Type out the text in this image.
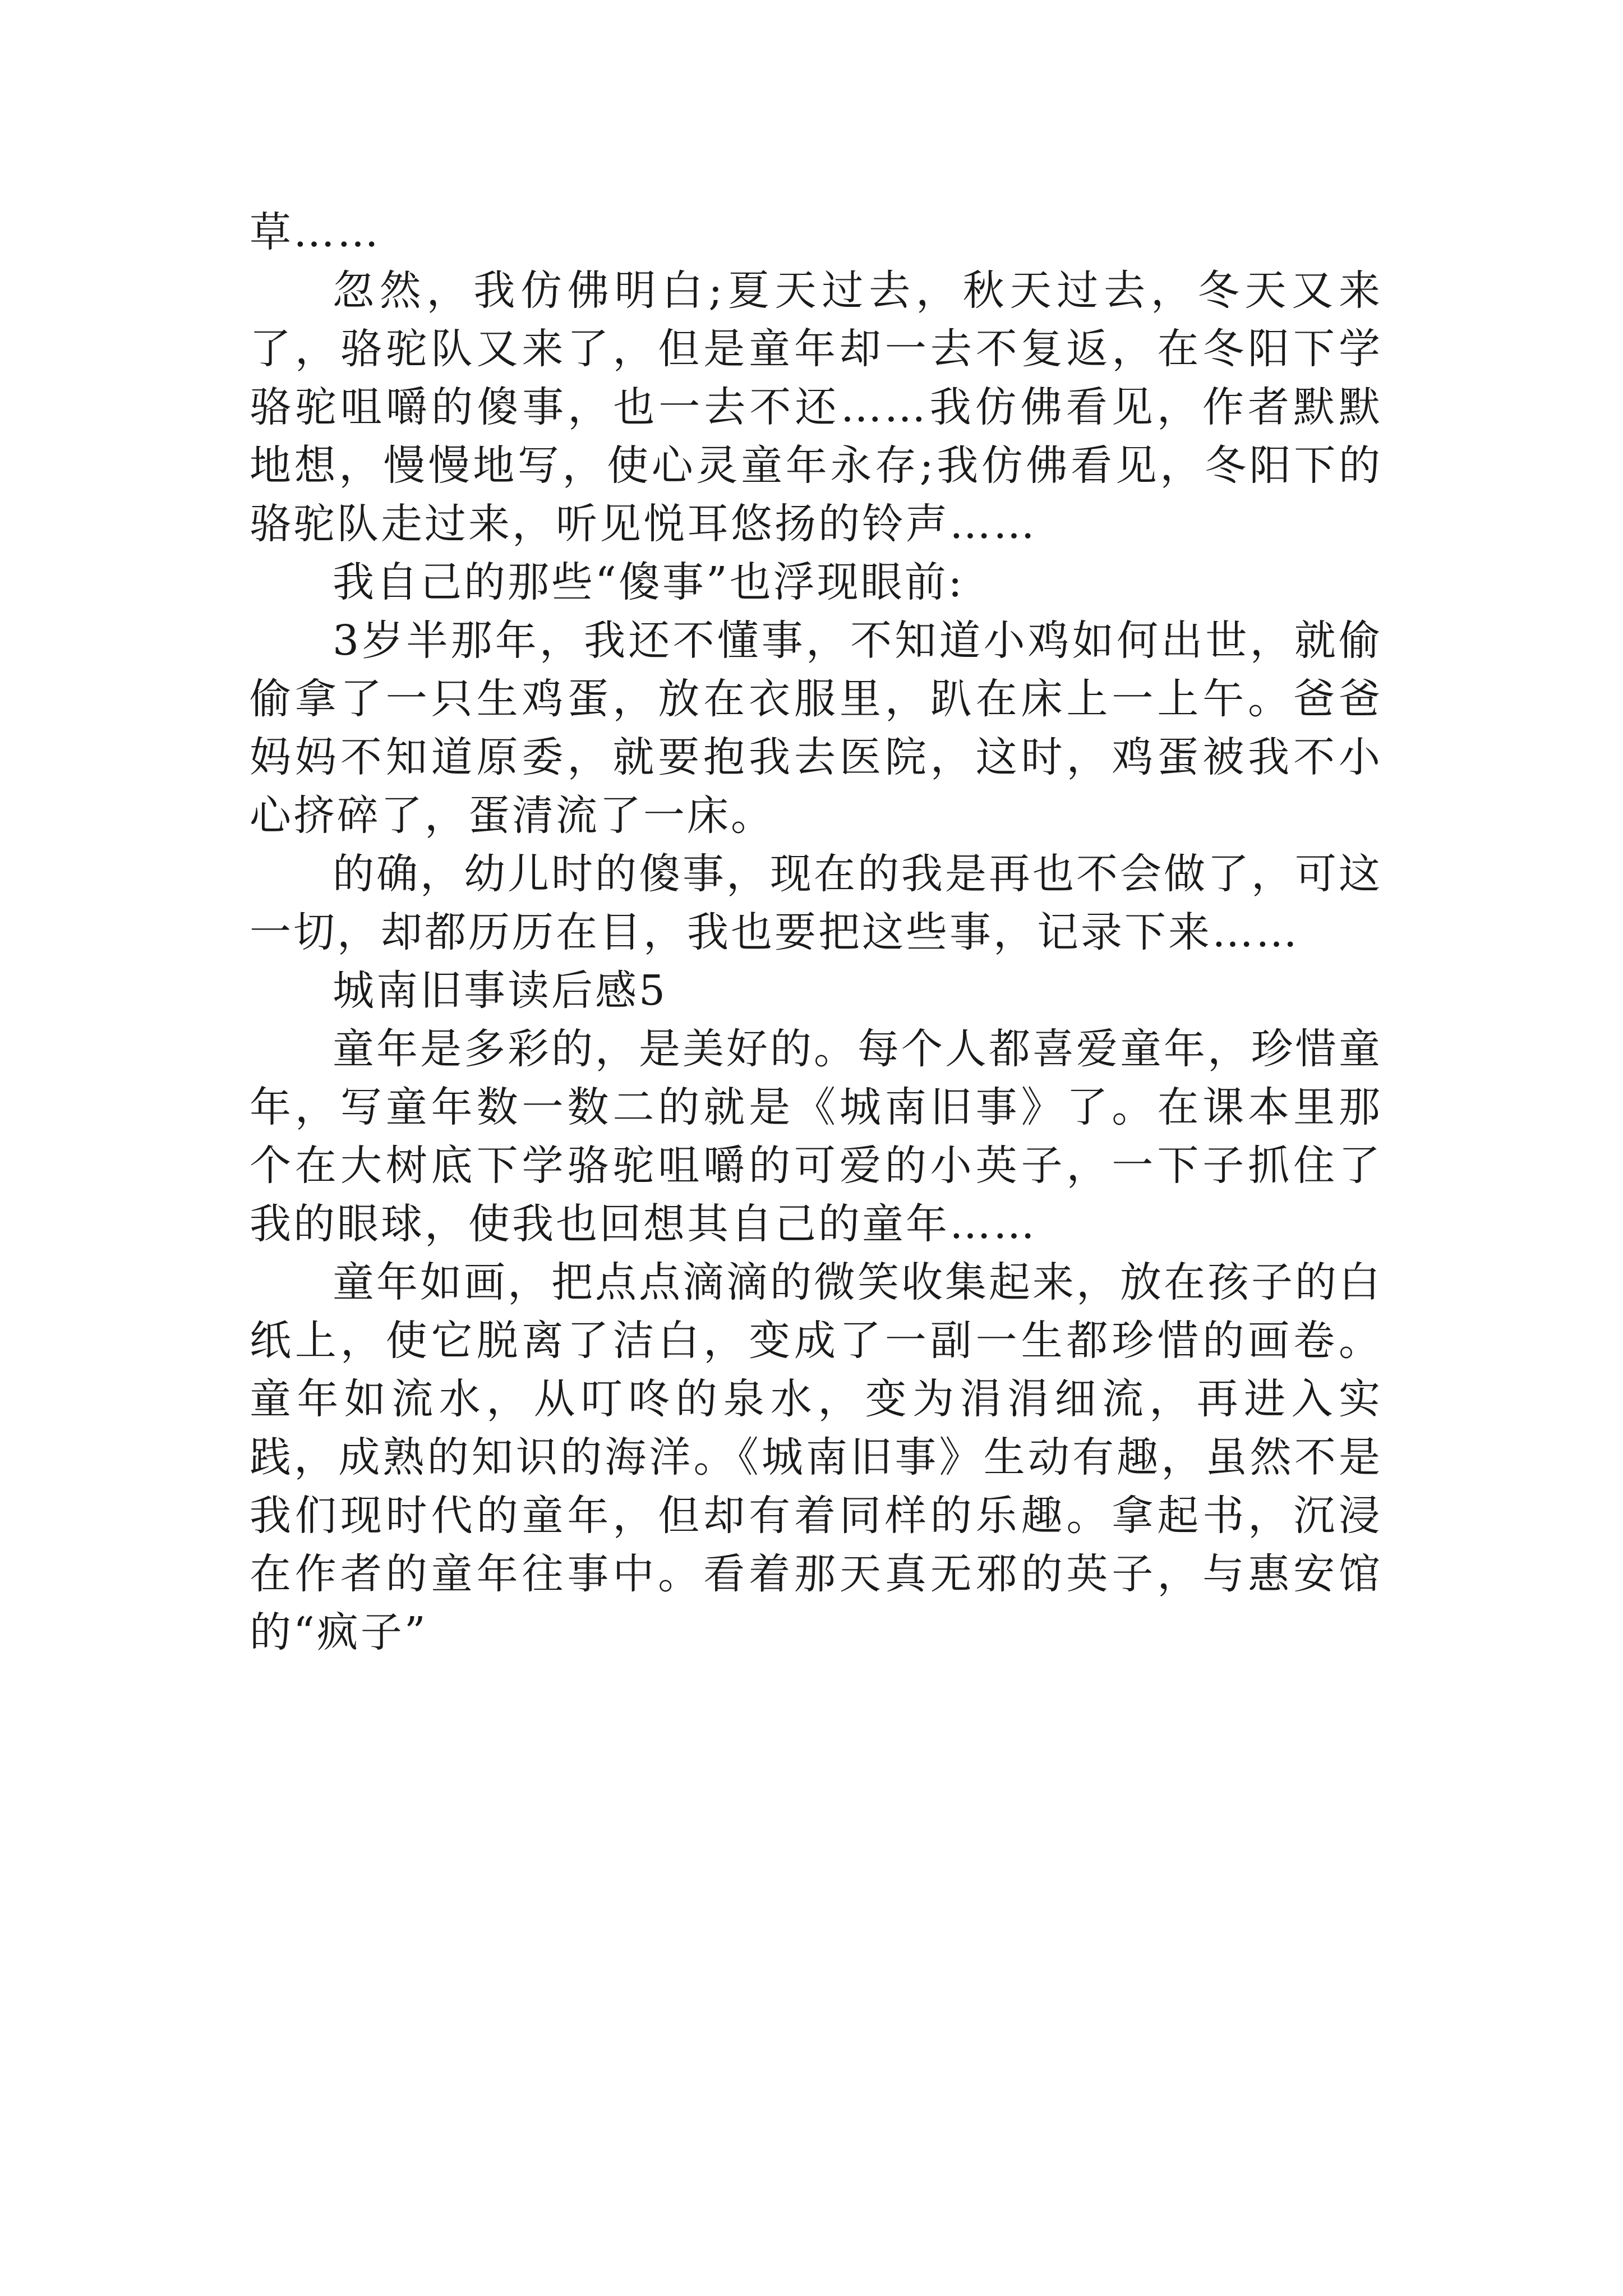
草……

忽然，我仿佛明白;夏天过去，秋天过去，冬天又来了，骆驼队又来了，但是童年却一去不复返，在冬阳下学骆驼咀嚼的傻事，也一去不还……我仿佛看见，作者默默地想，慢慢地写，使心灵童年永存;我仿佛看见，冬阳下的骆驼队走过来，听见悦耳悠扬的铃声……

我自己的那些“傻事”也浮现眼前:

3岁半那年，我还不懂事，不知道小鸡如何出世，就偷偷拿了一只生鸡蛋，放在衣服里，趴在床上一上午。爸爸妈妈不知道原委，就要抱我去医院，这时，鸡蛋被我不小心挤碎了，蛋清流了一床。

的确，幼儿时的傻事，现在的我是再也不会做了，可这一切，却都历历在目，我也要把这些事，记录下来……

城南旧事读后感5

童年是多彩的，是美好的。每个人都喜爱童年，珍惜童年，写童年数一数二的就是《城南旧事》了。在课本里那个在大树底下学骆驼咀嚼的可爱的小英子，一下子抓住了我的眼球，使我也回想其自己的童年……

童年如画，把点点滴滴的微笑收集起来，放在孩子的白纸上，使它脱离了洁白，变成了一副一生都珍惜的画卷。童年如流水，从叮咚的泉水，变为涓涓细流，再进入实践，成熟的知识的海洋。《城南旧事》生动有趣，虽然不是我们现时代的童年，但却有着同样的乐趣。拿起书，沉浸在作者的童年往事中。看着那天真无邪的英子，与惠安馆的“疯子”
